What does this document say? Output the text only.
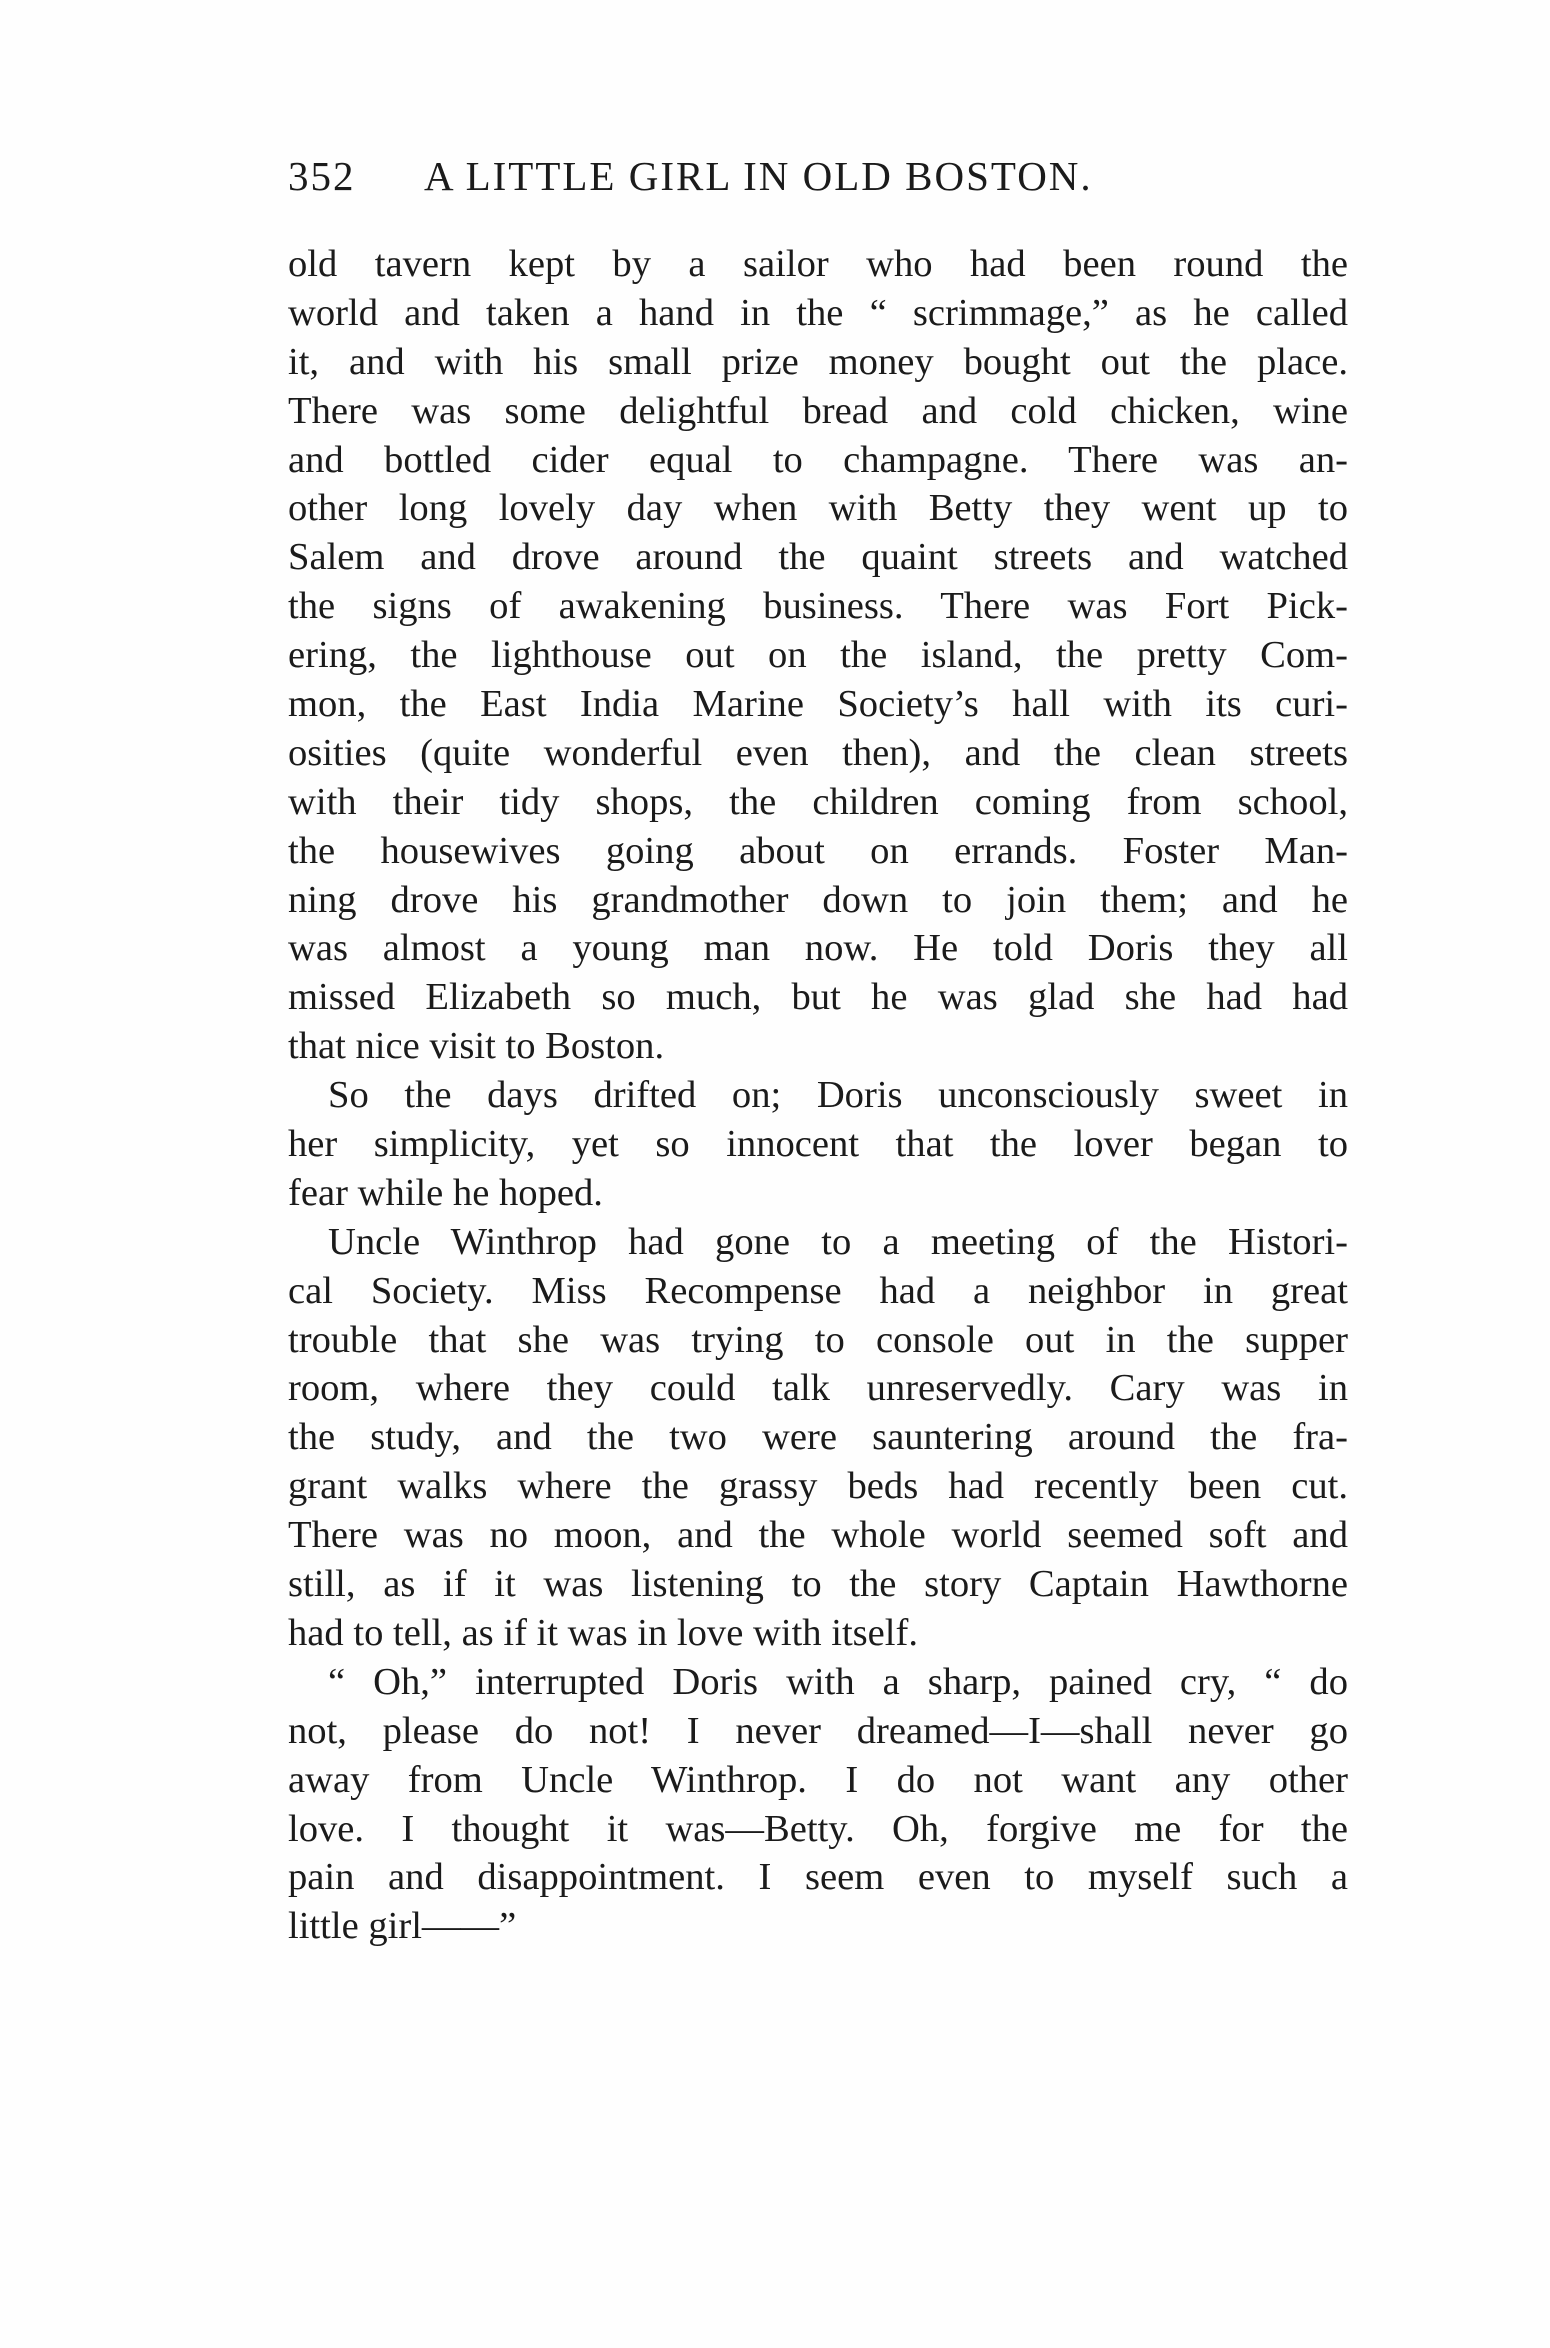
352 A LITTLE GIRL IN OLD BOSTON.
old tavern kept by a sailor who had been round the
world and taken a hand in the “ scrimmage,” as he called
it, and with his small prize money bought out the place.
There was some delightful bread and cold chicken, wine
and bottled cider equal to champagne. There was an-
other long lovely day when with Betty they went up to
Salem and drove around the quaint streets and watched
the signs of awakening business. There was Fort Pick-
ering, the lighthouse out on the island, the pretty Com-
mon, the East India Marine Society’s hall with its curi-
osities (quite wonderful even then), and the clean streets
with their tidy shops, the children coming from school,
the housewives going about on errands. Foster Man-
ning drove his grandmother down to join them; and he
was almost a young man now. He told Doris they all
missed Elizabeth so much, but he was glad she had had
that nice visit to Boston.
So the days drifted on; Doris unconsciously sweet in
her simplicity, yet so innocent that the lover began to
fear while he hoped.
Uncle Winthrop had gone to a meeting of the Histori-
cal Society. Miss Recompense had a neighbor in great
trouble that she was trying to console out in the supper
room, where they could talk unreservedly. Cary was in
the study, and the two were sauntering around the fra-
grant walks where the grassy beds had recently been cut.
There was no moon, and the whole world seemed soft and
still, as if it was listening to the story Captain Hawthorne
had to tell, as if it was in love with itself.
“ Oh,” interrupted Doris with a sharp, pained cry, “ do
not, please do not! I never dreamed—I—shall never go
away from Uncle Winthrop. I do not want any other
love. I thought it was—Betty. Oh, forgive me for the
pain and disappointment. I seem even to myself such a
little girl——”
